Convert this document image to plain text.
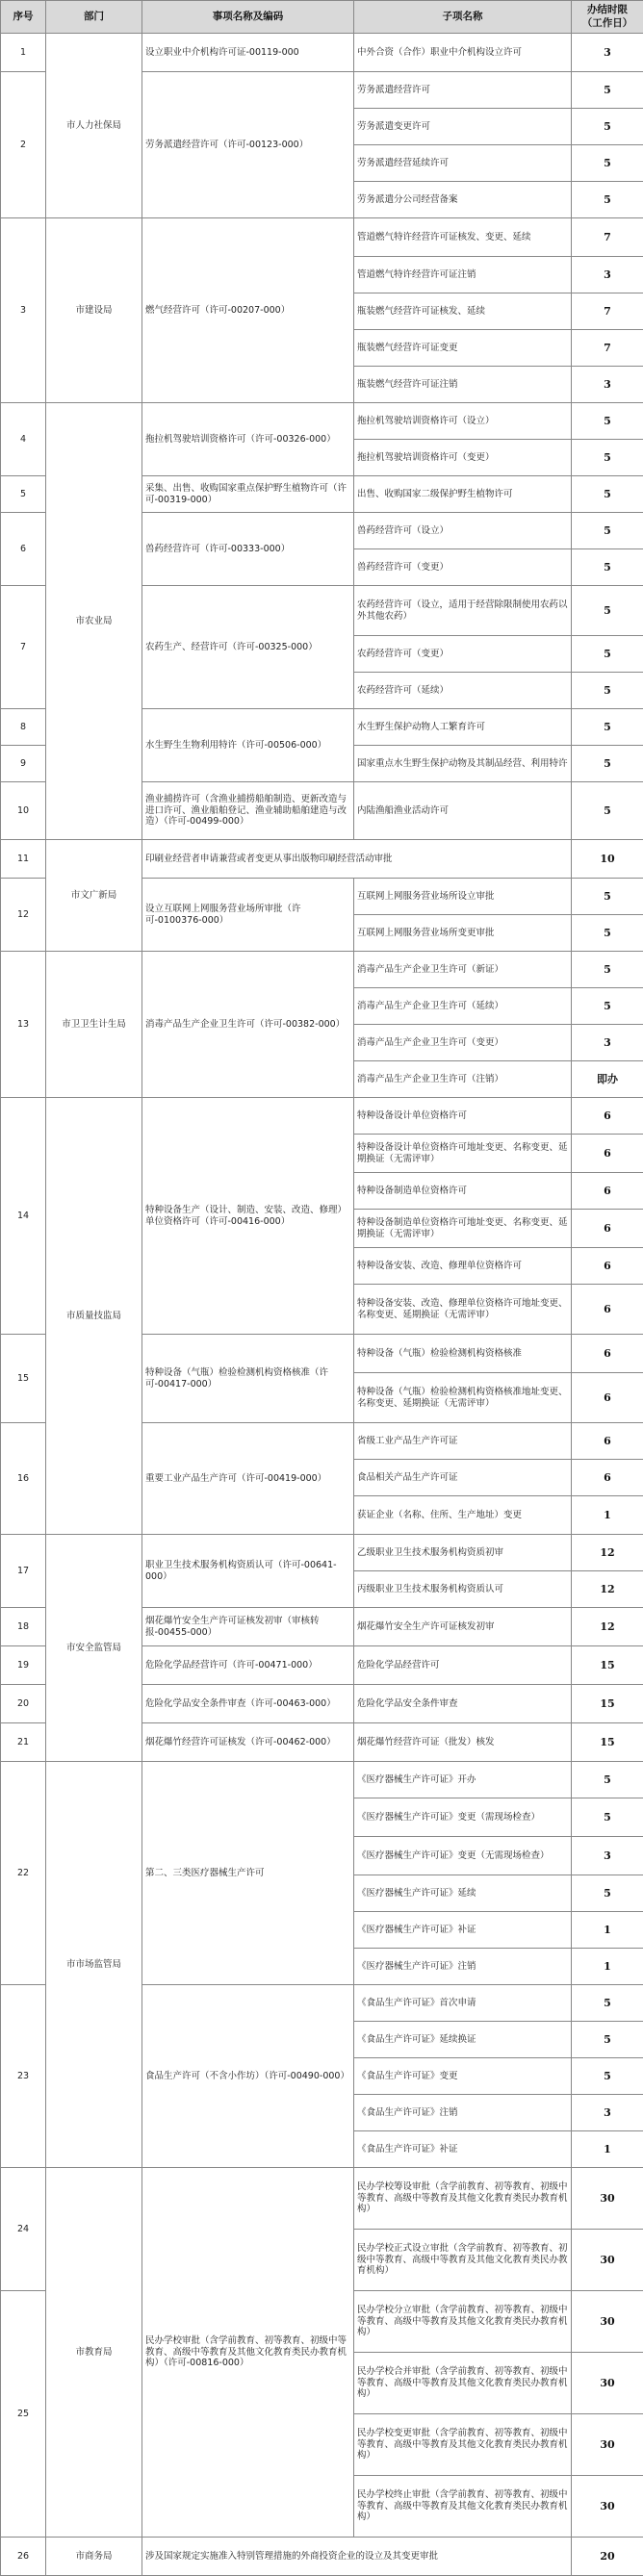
序号	部门	事项名称及编码	子项名称	办结时限
（工作日）
1	市人力社保局	设立职业中介机构许可证-00119-000	中外合资（合作）职业中介机构设立许可	3
2		劳务派遣经营许可（许可-00123-000）	劳务派遣经营许可	5
			劳务派遣变更许可	5
			劳务派遣经营延续许可	5
			劳务派遣分公司经营备案	5
3	市建设局	燃气经营许可（许可-00207-000）	管道燃气特许经营许可证核发、变更、延续	7
			管道燃气特许经营许可证注销	3
			瓶装燃气经营许可证核发、延续	7
			瓶装燃气经营许可证变更	7
			瓶装燃气经营许可证注销	3
4	市农业局	拖拉机驾驶培训资格许可（许可-00326-000）	拖拉机驾驶培训资格许可（设立）	5
			拖拉机驾驶培训资格许可（变更）	5
5		采集、出售、收购国家重点保护野生植物许可（许可-00319-000）	出售、收购国家二级保护野生植物许可	5
6		兽药经营许可（许可-00333-000）	兽药经营许可（设立）	5
			兽药经营许可（变更）	5
7		农药生产、经营许可（许可-00325-000）	农药经营许可（设立，适用于经营除限制使用农药以外其他农药）	5
			农药经营许可（变更）	5
			农药经营许可（延续）	5
8		水生野生生物利用特许（许可-00506-000）	水生野生保护动物人工繁育许可	5
9			国家重点水生野生保护动物及其制品经营、利用特许	5
10		渔业捕捞许可（含渔业捕捞船舶制造、更新改造与进口许可、渔业船舶登记、渔业辅助船舶建造与改造）（许可-00499-000）	内陆渔船渔业活动许可	5
11	市文广新局	印刷业经营者申请兼营或者变更从事出版物印刷经营活动审批		10
12		设立互联网上网服务营业场所审批（许可-0100376-000）	互联网上网服务营业场所设立审批	5
			互联网上网服务营业场所变更审批	5
13	市卫卫生计生局	消毒产品生产企业卫生许可（许可-00382-000）	消毒产品生产企业卫生许可（新证）	5
			消毒产品生产企业卫生许可（延续）	5
			消毒产品生产企业卫生许可（变更）	3
			消毒产品生产企业卫生许可（注销）	即办
14	市质量技监局	特种设备生产（设计、制造、安装、改造、修理）单位资格许可（许可-00416-000）	特种设备设计单位资格许可	6
			特种设备设计单位资格许可地址变更、名称变更、延期换证（无需评审）	6
			特种设备制造单位资格许可	6
			特种设备制造单位资格许可地址变更、名称变更、延期换证（无需评审）	6
			特种设备安装、改造、修理单位资格许可	6
			特种设备安装、改造、修理单位资格许可地址变更、名称变更、延期换证（无需评审）	6
15		特种设备（气瓶）检验检测机构资格核准（许可-00417-000）	特种设备（气瓶）检验检测机构资格核准	6
			特种设备（气瓶）检验检测机构资格核准地址变更、名称变更、延期换证（无需评审）	6
16		重要工业产品生产许可（许可-00419-000）	省级工业产品生产许可证	6
			食品相关产品生产许可证	6
			获证企业（名称、住所、生产地址）变更	1
17	市安全监管局	职业卫生技术服务机构资质认可（许可-00641-000）	乙级职业卫生技术服务机构资质初审	12
			丙级职业卫生技术服务机构资质认可	12
18		烟花爆竹安全生产许可证核发初审（审核转报-00455-000）	烟花爆竹安全生产许可证核发初审	12
19		危险化学品经营许可（许可-00471-000）	危险化学品经营许可	15
20		危险化学品安全条件审查（许可-00463-000）	危险化学品安全条件审查	15
21		烟花爆竹经营许可证核发（许可-00462-000）	烟花爆竹经营许可证（批发）核发	15
22	市市场监管局	第二、三类医疗器械生产许可	《医疗器械生产许可证》开办	5
			《医疗器械生产许可证》变更（需现场检查）	5
			《医疗器械生产许可证》变更（无需现场检查）	3
			《医疗器械生产许可证》延续	5
			《医疗器械生产许可证》补证	1
			《医疗器械生产许可证》注销	1
23		食品生产许可（不含小作坊）（许可-00490-000）	《食品生产许可证》首次申请	5
			《食品生产许可证》延续换证	5
			《食品生产许可证》变更	5
			《食品生产许可证》注销	3
			《食品生产许可证》补证	1
24	市教育局	民办学校审批（含学前教育、初等教育、初级中等教育、高级中等教育及其他文化教育类民办教育机构）（许可-00816-000）	民办学校筹设审批（含学前教育、初等教育、初级中等教育、高级中等教育及其他文化教育类民办教育机构）	30
			民办学校正式设立审批（含学前教育、初等教育、初级中等教育、高级中等教育及其他文化教育类民办教育机构）	30
25			民办学校分立审批（含学前教育、初等教育、初级中等教育、高级中等教育及其他文化教育类民办教育机构）	30
			民办学校合并审批（含学前教育、初等教育、初级中等教育、高级中等教育及其他文化教育类民办教育机构）	30
			民办学校变更审批（含学前教育、初等教育、初级中等教育、高级中等教育及其他文化教育类民办教育机构）	30
			民办学校终止审批（含学前教育、初等教育、初级中等教育、高级中等教育及其他文化教育类民办教育机构）	30
26	市商务局	涉及国家规定实施准入特别管理措施的外商投资企业的设立及其变更审批		20
